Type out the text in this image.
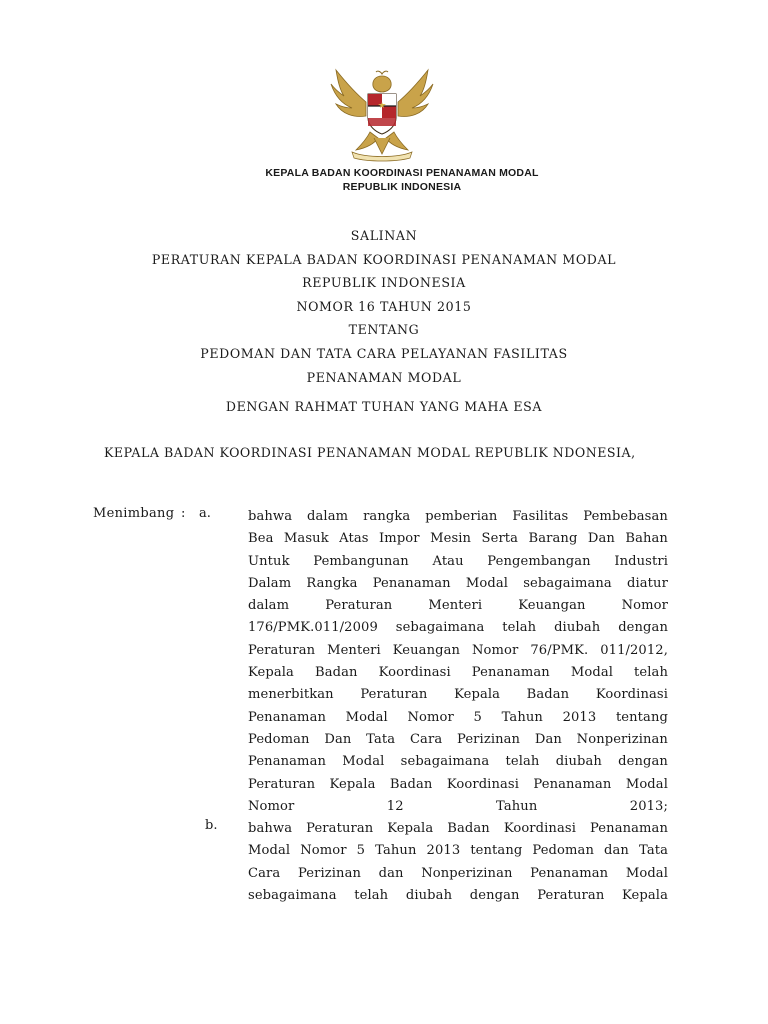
KEPALA BADAN KOORDINASI PENANAMAN MODAL
REPUBLIK INDONESIA
SALINAN
PERATURAN KEPALA BADAN KOORDINASI PENANAMAN MODAL
REPUBLIK INDONESIA
NOMOR 16 TAHUN 2015
TENTANG
PEDOMAN DAN TATA CARA PELAYANAN FASILITAS
PENANAMAN MODAL
DENGAN RAHMAT TUHAN YANG MAHA ESA
KEPALA BADAN KOORDINASI PENANAMAN MODAL REPUBLIK NDONESIA,
Menimbang : a.	bahwa dalam rangka pemberian Fasilitas Pembebasan
Bea Masuk Atas Impor Mesin Serta Barang Dan Bahan
Untuk Pembangunan Atau Pengembangan Industri
Dalam Rangka Penanaman Modal sebagaimana diatur
dalam	Peraturan	Menteri	Keuangan	Nomor
176/PMK.011/2009 sebagaimana telah diubah dengan
Peraturan Menteri Keuangan Nomor 76/PMK. 011/2012,
Kepala Badan Koordinasi Penanaman Modal telah
menerbitkan Peraturan Kepala Badan Koordinasi
Penanaman Modal Nomor 5 Tahun 2013 tentang
Pedoman Dan Tata Cara Perizinan Dan Nonperizinan
Penanaman Modal sebagaimana telah diubah dengan
Peraturan Kepala Badan Koordinasi Penanaman Modal
Nomor 12 Tahun 2013;
b. bahwa Peraturan Kepala Badan Koordinasi Penanaman
Modal Nomor 5 Tahun 2013 tentang Pedoman dan Tata
Cara Perizinan dan Nonperizinan Penanaman Modal
sebagaimana telah diubah dengan Peraturan Kepala
